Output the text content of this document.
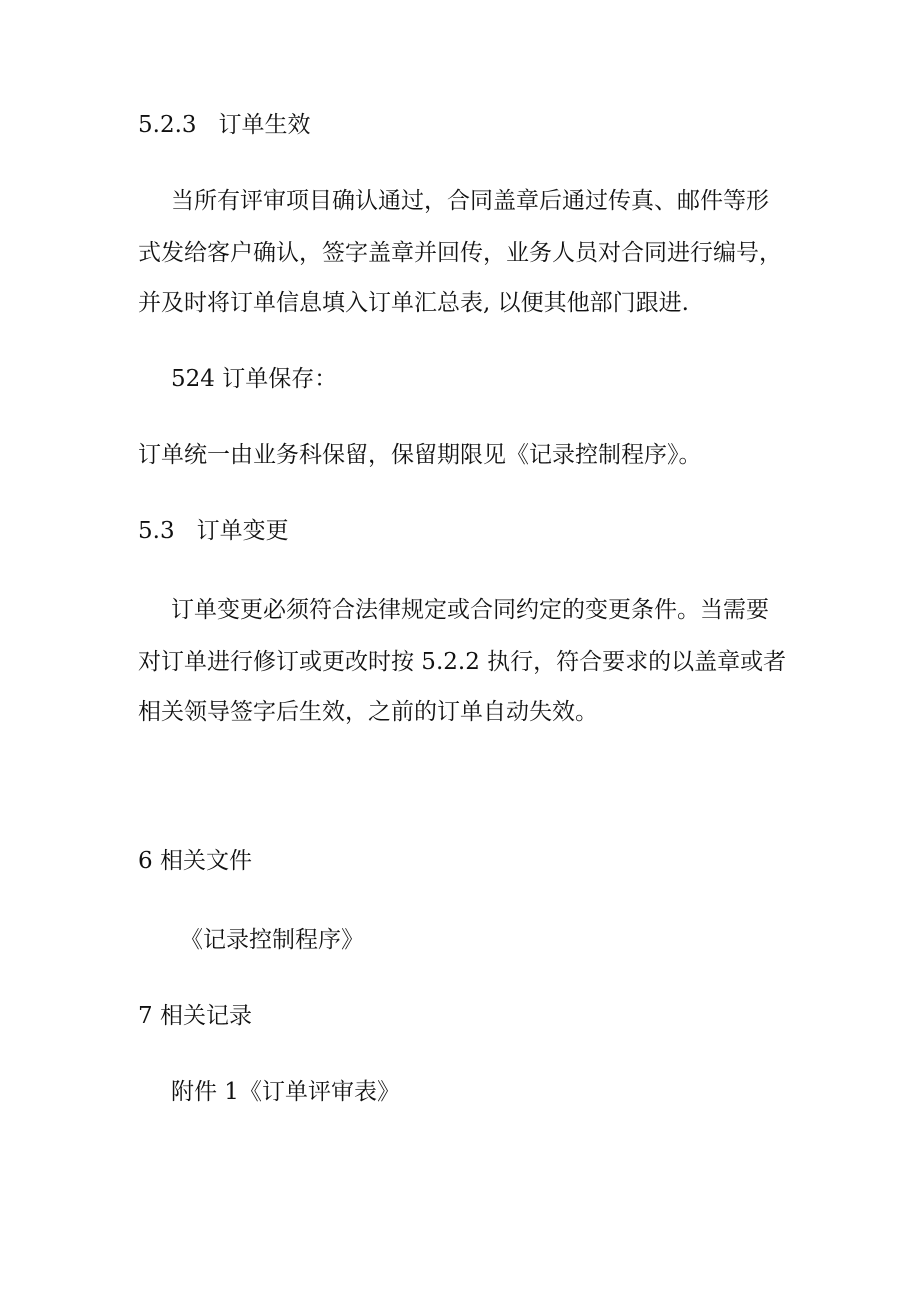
5.2.3 订单生效
当所有评审项目确认通过，合同盖章后通过传真、邮件等形
式发给客户确认，签字盖章并回传，业务人员对合同进行编号，
并及时将订单信息填入订单汇总表, 以便其他部门跟进.
524 订单保存：
订单统一由业务科保留，保留期限见《记录控制程序》。
5.3 订单变更
订单变更必须符合法律规定或合同约定的变更条件。当需要
对订单进行修订或更改时按 5.2.2 执行，符合要求的以盖章或者
相关领导签字后生效，之前的订单自动失效。
6 相关文件
《记录控制程序》
7 相关记录
附件 1《订单评审表》
